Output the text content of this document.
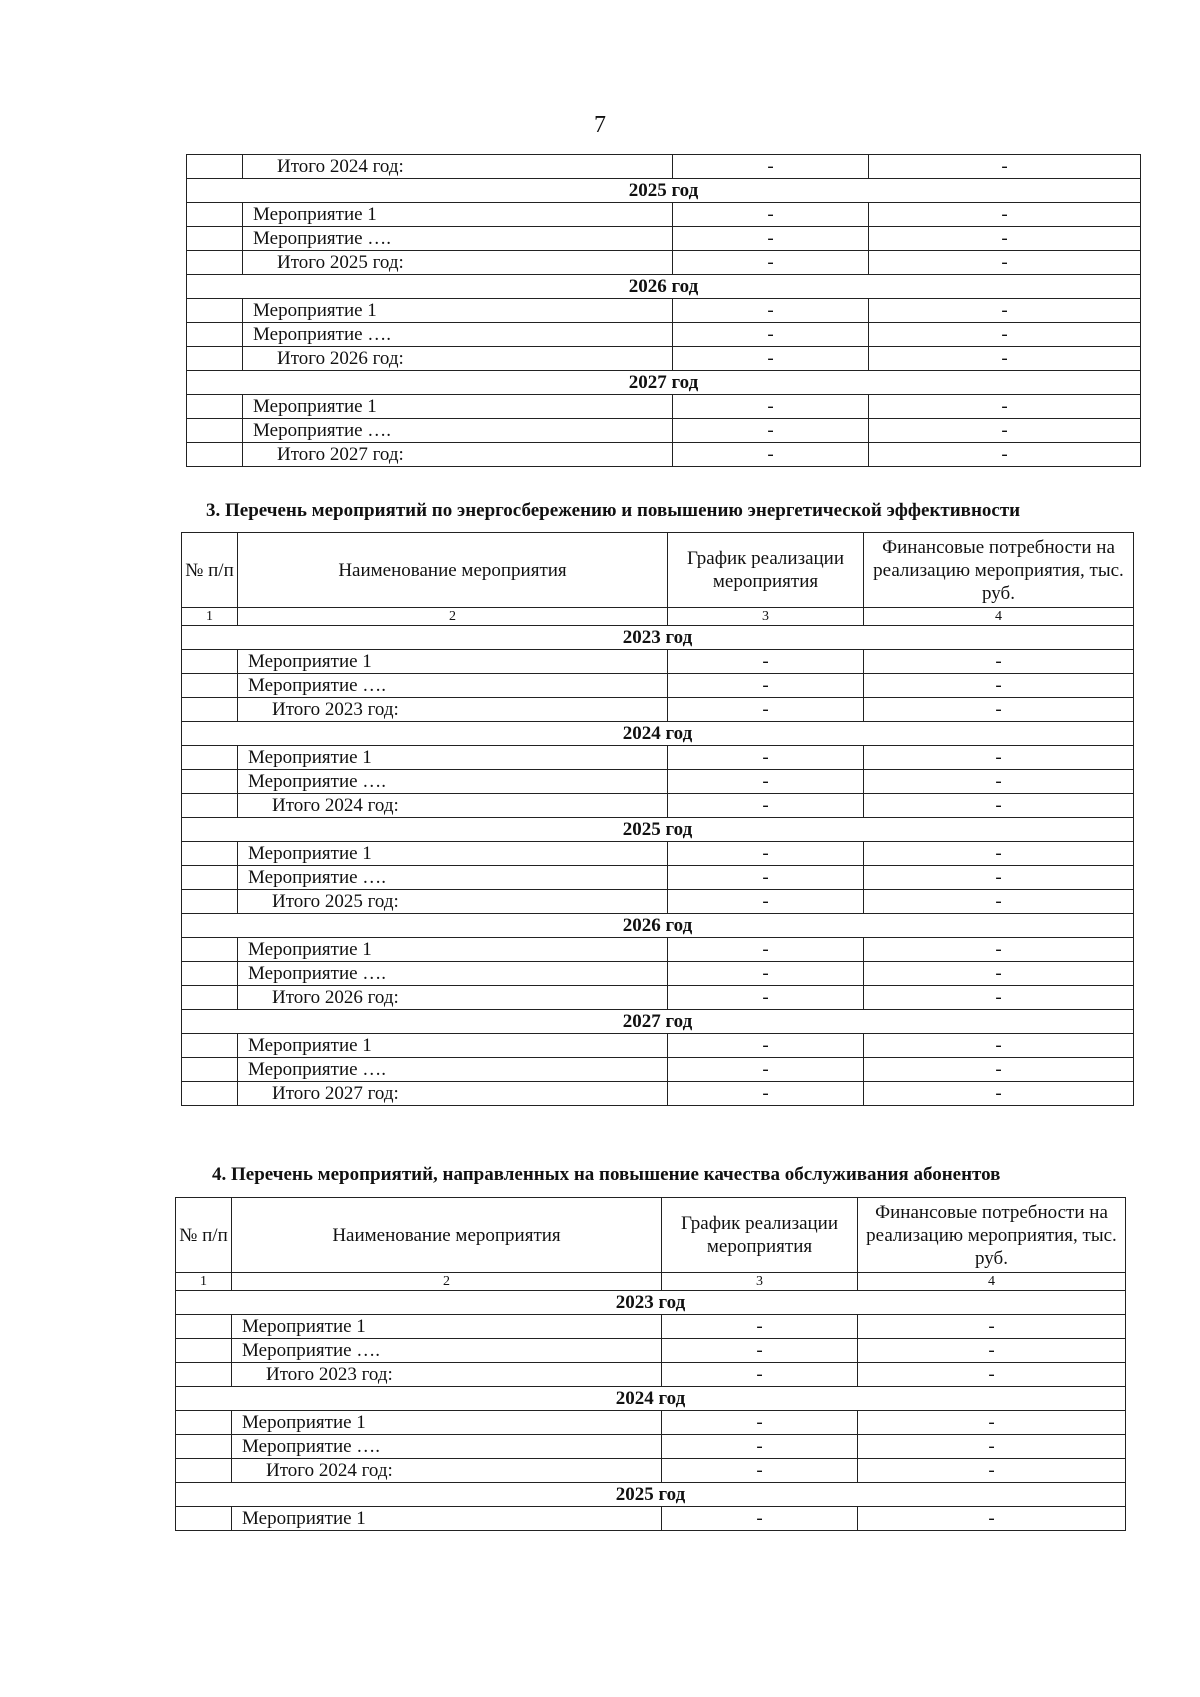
7
	Итого 2024 год:	-	-
2025 год			
	Мероприятие 1	-	-
	Мероприятие ….	-	-
	Итого 2025 год:	-	-
2026 год			
	Мероприятие 1	-	-
	Мероприятие ….	-	-
	Итого 2026 год:	-	-
2027 год			
	Мероприятие 1	-	-
	Мероприятие ….	-	-
	Итого 2027 год:	-	-
3. Перечень мероприятий по энергосбережению и повышению энергетической эффективности
№ п/п	Наименование мероприятия	График реализации мероприятия	Финансовые потребности на реализацию мероприятия, тыс. руб.
1	2	3	4
2023 год			
	Мероприятие 1	-	-
	Мероприятие ….	-	-
	Итого 2023 год:	-	-
2024 год			
	Мероприятие 1	-	-
	Мероприятие ….	-	-
	Итого 2024 год:	-	-
2025 год			
	Мероприятие 1	-	-
	Мероприятие ….	-	-
	Итого 2025 год:	-	-
2026 год			
	Мероприятие 1	-	-
	Мероприятие ….	-	-
	Итого 2026 год:	-	-
2027 год			
	Мероприятие 1	-	-
	Мероприятие ….	-	-
	Итого 2027 год:	-	-
4. Перечень мероприятий, направленных на повышение качества обслуживания абонентов
№ п/п	Наименование мероприятия	График реализации мероприятия	Финансовые потребности на реализацию мероприятия, тыс. руб.
1	2	3	4
2023 год			
	Мероприятие 1	-	-
	Мероприятие ….	-	-
	Итого 2023 год:	-	-
2024 год			
	Мероприятие 1	-	-
	Мероприятие ….	-	-
	Итого 2024 год:	-	-
2025 год			
	Мероприятие 1	-	-
